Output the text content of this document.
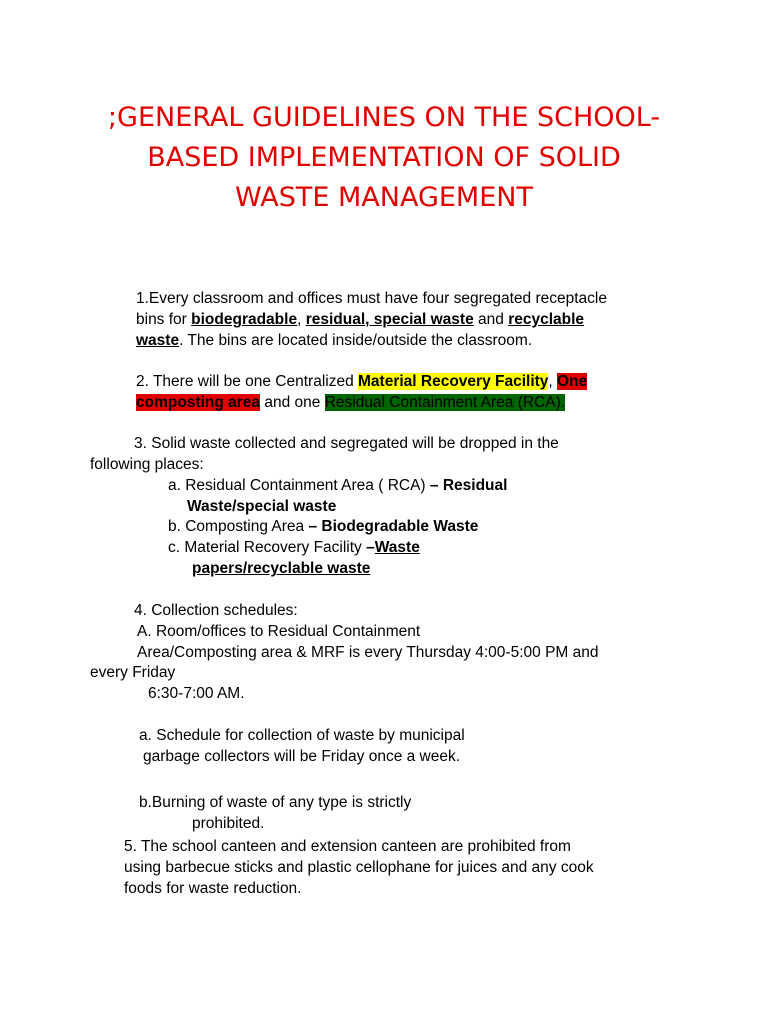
;GENERAL GUIDELINES ON THE SCHOOL-
BASED IMPLEMENTATION OF SOLID
WASTE MANAGEMENT
1.Every classroom and offices must have four segregated receptacle
bins for biodegradable, residual, special waste and recyclable
waste. The bins are located inside/outside the classroom.
2. There will be one Centralized Material Recovery Facility, One
composting area and one Residual Containment Area (RCA).
3. Solid waste collected and segregated will be dropped in the
following places:
a. Residual Containment Area ( RCA) – Residual
Waste/special waste
b. Composting Area – Biodegradable Waste
c. Material Recovery Facility –Waste
papers/recyclable waste
4. Collection schedules:
A. Room/offices to Residual Containment
Area/Composting area & MRF is every Thursday 4:00-5:00 PM and
every Friday
6:30-7:00 AM.
a. Schedule for collection of waste by municipal
garbage collectors will be Friday once a week.
b.Burning of waste of any type is strictly
prohibited.
5. The school canteen and extension canteen are prohibited from
using barbecue sticks and plastic cellophane for juices and any cook
foods for waste reduction.
